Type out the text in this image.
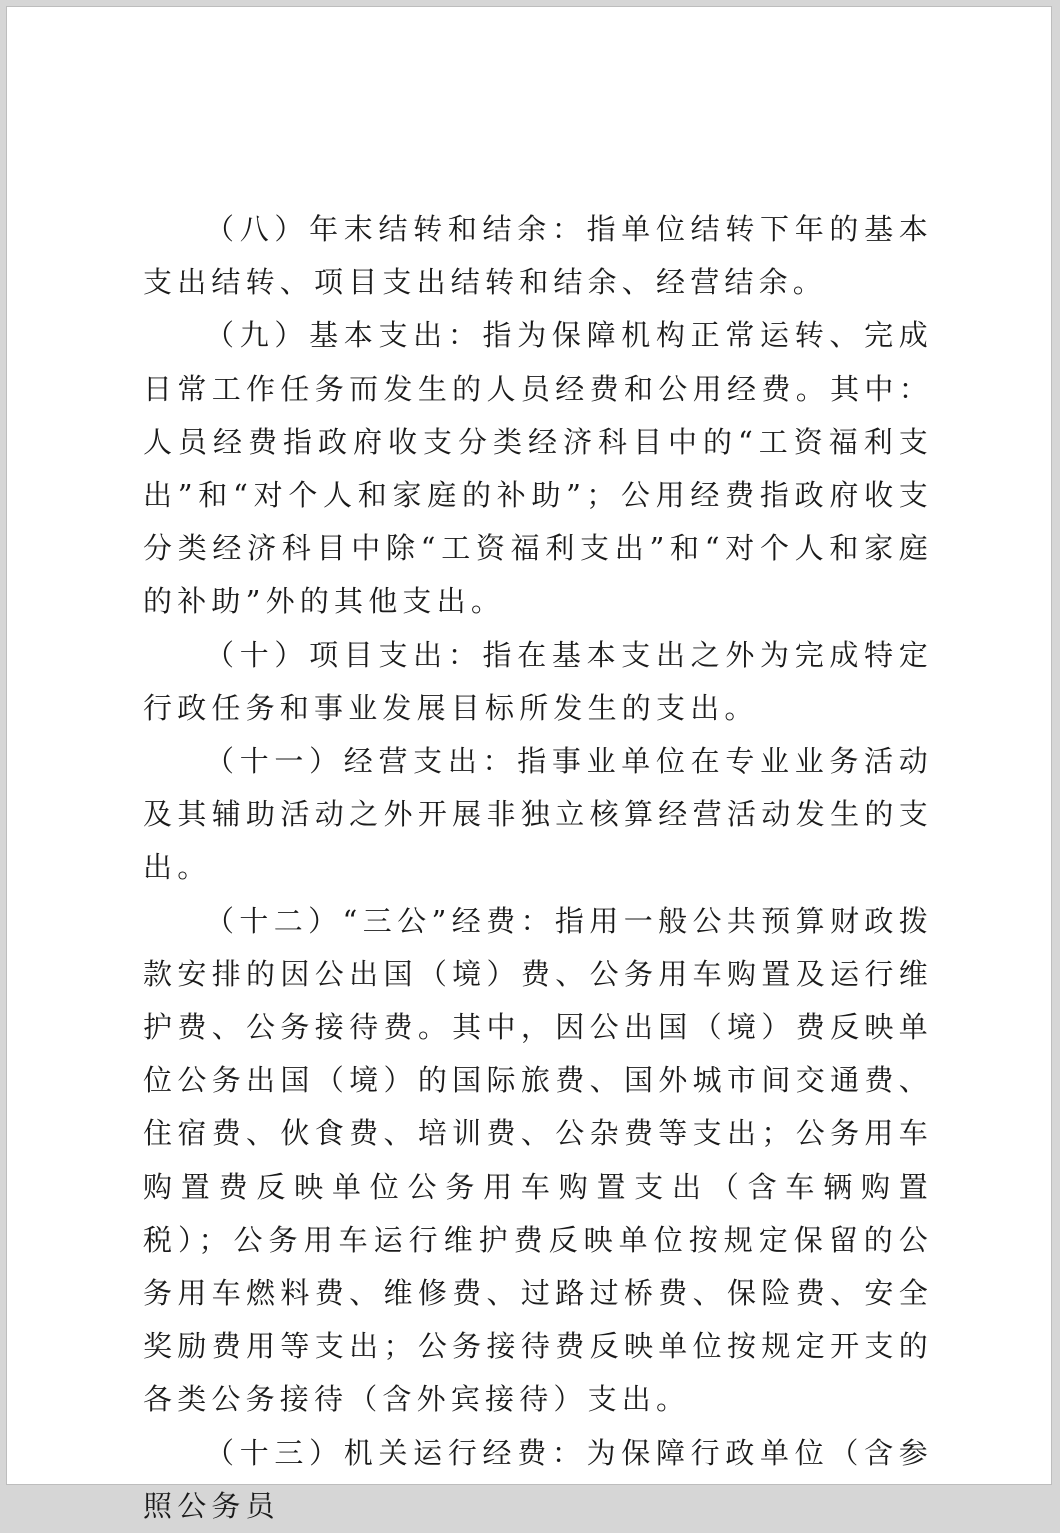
（八）年末结转和结余：指单位结转下年的基本支出结转、项目支出结转和结余、经营结余。

（九）基本支出：指为保障机构正常运转、完成日常工作任务而发生的人员经费和公用经费。其中：人员经费指政府收支分类经济科目中的“工资福利支出”和“对个人和家庭的补助”；公用经费指政府收支分类经济科目中除“工资福利支出”和“对个人和家庭的补助”外的其他支出。

（十）项目支出：指在基本支出之外为完成特定行政任务和事业发展目标所发生的支出。

（十一）经营支出：指事业单位在专业业务活动及其辅助活动之外开展非独立核算经营活动发生的支出。

（十二）“三公”经费：指用一般公共预算财政拨款安排的因公出国（境）费、公务用车购置及运行维护费、公务接待费。其中，因公出国（境）费反映单位公务出国（境）的国际旅费、国外城市间交通费、住宿费、伙食费、培训费、公杂费等支出；公务用车购置费反映单位公务用车购置支出（含车辆购置税）；公务用车运行维护费反映单位按规定保留的公务用车燃料费、维修费、过路过桥费、保险费、安全奖励费用等支出；公务接待费反映单位按规定开支的各类公务接待（含外宾接待）支出。

（十三）机关运行经费：为保障行政单位（含参照公务员
